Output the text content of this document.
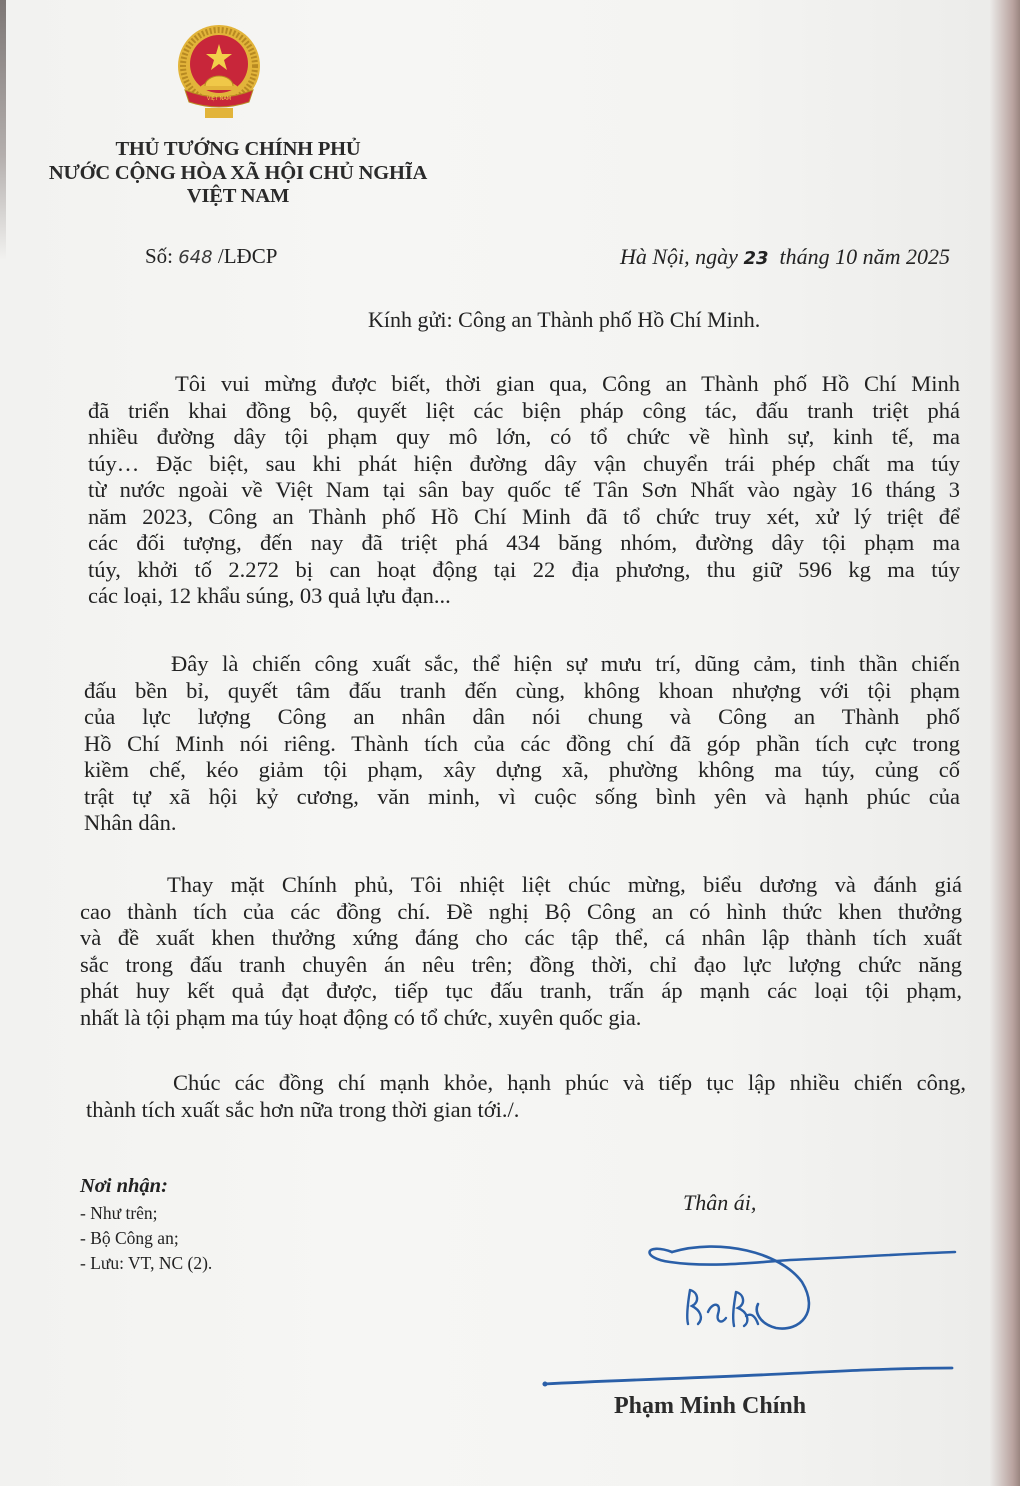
VIỆT NAM
THỦ TƯỚNG CHÍNH PHỦ
NƯỚC CỘNG HÒA XÃ HỘI CHỦ NGHĨA
VIỆT NAM
Số: 648 /LĐCP	Hà Nội, ngày 23 tháng 10 năm 2025
Kính gửi: Công an Thành phố Hồ Chí Minh.
Tôi vui mừng được biết, thời gian qua, Công an Thành phố Hồ Chí Minh
đã triển khai đồng bộ, quyết liệt các biện pháp công tác, đấu tranh triệt phá
nhiều đường dây tội phạm quy mô lớn, có tổ chức về hình sự, kinh tế, ma
túy… Đặc biệt, sau khi phát hiện đường dây vận chuyển trái phép chất ma túy
từ nước ngoài về Việt Nam tại sân bay quốc tế Tân Sơn Nhất vào ngày 16 tháng 3
năm 2023, Công an Thành phố Hồ Chí Minh đã tổ chức truy xét, xử lý triệt để
các đối tượng, đến nay đã triệt phá 434 băng nhóm, đường dây tội phạm ma
túy, khởi tố 2.272 bị can hoạt động tại 22 địa phương, thu giữ 596 kg ma túy
các loại, 12 khẩu súng, 03 quả lựu đạn...
Đây là chiến công xuất sắc, thể hiện sự mưu trí, dũng cảm, tinh thần chiến
đấu bền bỉ, quyết tâm đấu tranh đến cùng, không khoan nhượng với tội phạm
của lực lượng Công an nhân dân nói chung và Công an Thành phố
Hồ Chí Minh nói riêng. Thành tích của các đồng chí đã góp phần tích cực trong
kiềm chế, kéo giảm tội phạm, xây dựng xã, phường không ma túy, củng cố
trật tự xã hội kỷ cương, văn minh, vì cuộc sống bình yên và hạnh phúc của
Nhân dân.
Thay mặt Chính phủ, Tôi nhiệt liệt chúc mừng, biểu dương và đánh giá
cao thành tích của các đồng chí. Đề nghị Bộ Công an có hình thức khen thưởng
và đề xuất khen thưởng xứng đáng cho các tập thể, cá nhân lập thành tích xuất
sắc trong đấu tranh chuyên án nêu trên; đồng thời, chỉ đạo lực lượng chức năng
phát huy kết quả đạt được, tiếp tục đấu tranh, trấn áp mạnh các loại tội phạm,
nhất là tội phạm ma túy hoạt động có tổ chức, xuyên quốc gia.
Chúc các đồng chí mạnh khỏe, hạnh phúc và tiếp tục lập nhiều chiến công,
thành tích xuất sắc hơn nữa trong thời gian tới./.
Nơi nhận:
- Như trên;
- Bộ Công an;
- Lưu: VT, NC (2).
Thân ái,
Phạm Minh Chính
